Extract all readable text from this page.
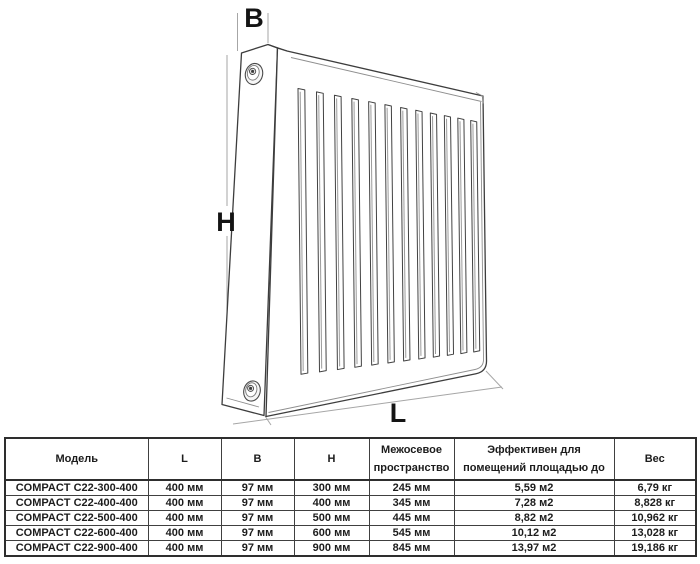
B
H
L
Модель	L	B	H	Межосевое пространство	Эффективен для помещений площадью до	Вес
COMPACT C22-300-400	400 мм	97 мм	300 мм	245 мм	5,59 м2	6,79 кг
COMPACT C22-400-400	400 мм	97 мм	400 мм	345 мм	7,28 м2	8,828 кг
COMPACT C22-500-400	400 мм	97 мм	500 мм	445 мм	8,82 м2	10,962 кг
COMPACT C22-600-400	400 мм	97 мм	600 мм	545 мм	10,12 м2	13,028 кг
COMPACT C22-900-400	400 мм	97 мм	900 мм	845 мм	13,97 м2	19,186 кг
